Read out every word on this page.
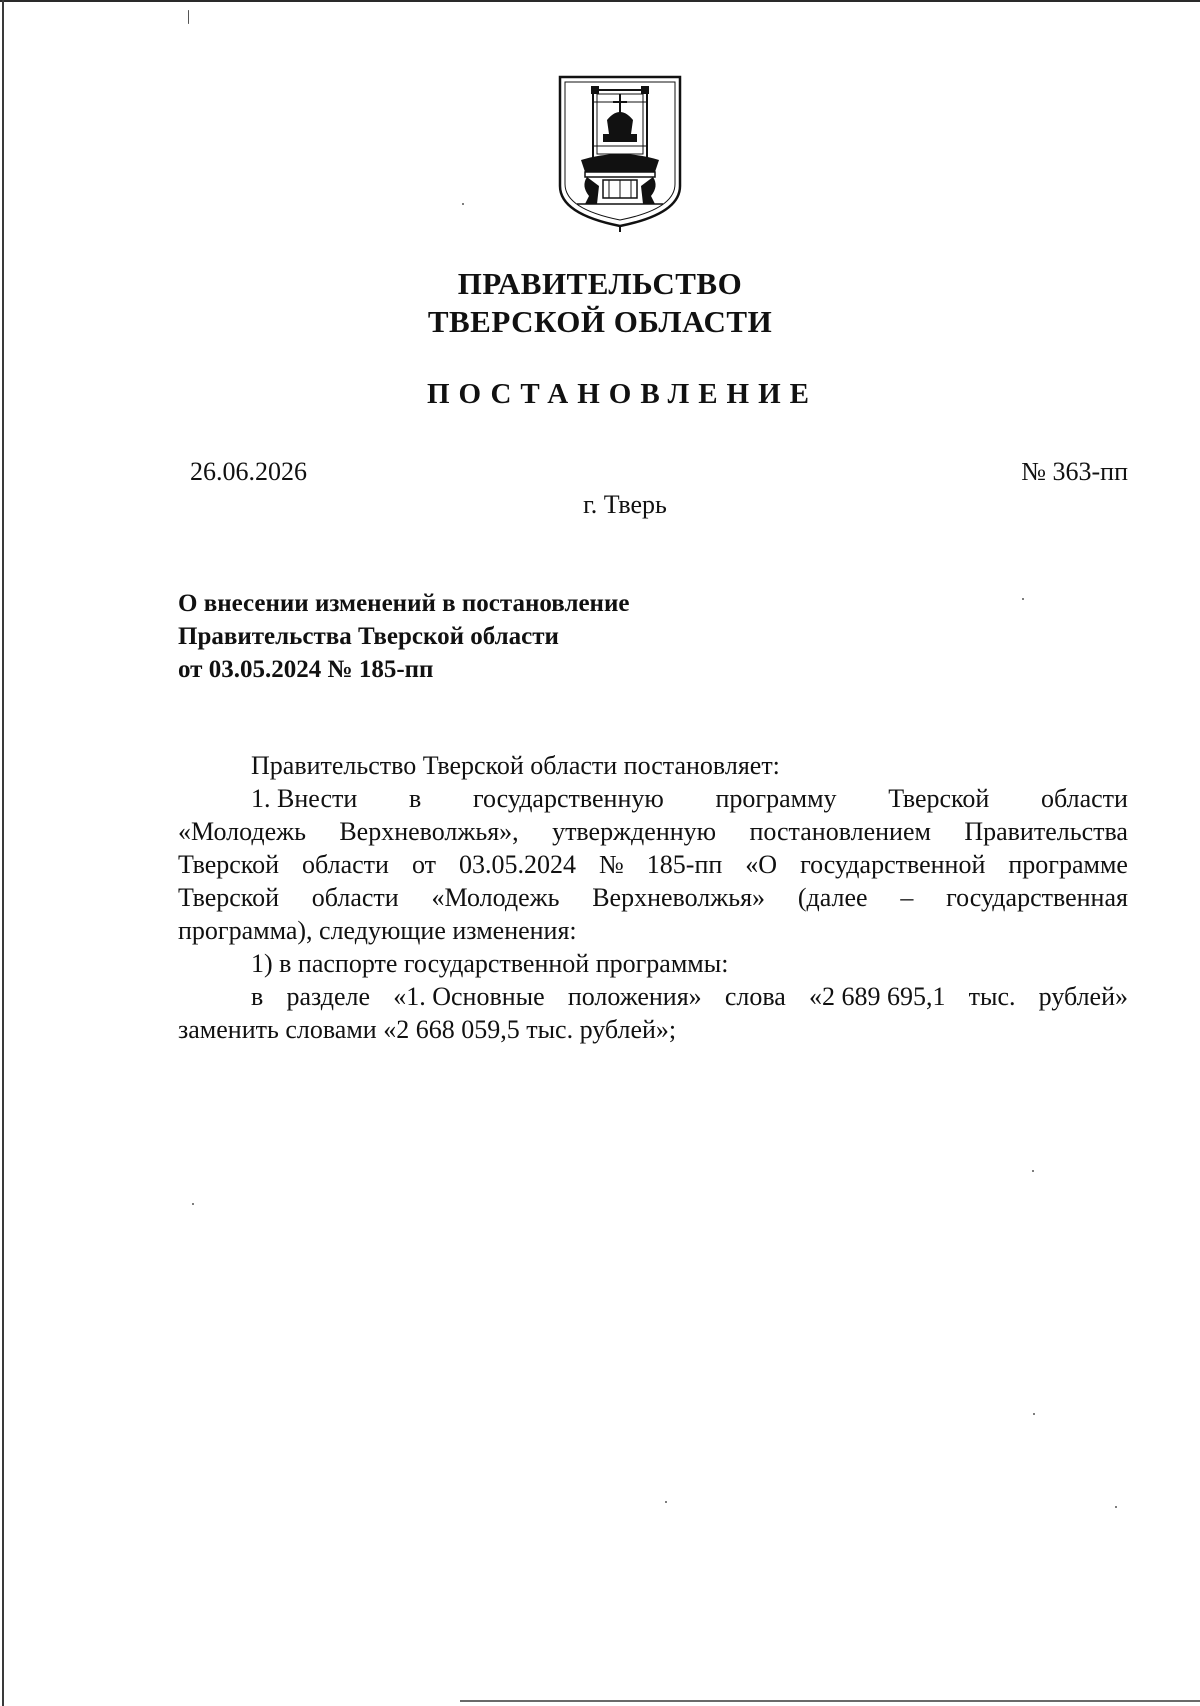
ПРАВИТЕЛЬСТВО
ТВЕРСКОЙ ОБЛАСТИ
ПОСТАНОВЛЕНИЕ
26.06.2026	№ 363-пп
г. Тверь
О внесении изменений в постановление
Правительства Тверской области
от 03.05.2024 № 185-пп
Правительство Тверской области постановляет:
1. Внести в государственную программу Тверской области
«Молодежь Верхневолжья», утвержденную постановлением Правительства
Тверской области от 03.05.2024 № 185-пп «О государственной программе
Тверской области «Молодежь Верхневолжья» (далее – государственная
программа), следующие изменения:
1) в паспорте государственной программы:
в разделе «1. Основные положения» слова «2 689 695,1 тыс. рублей»
заменить словами «2 668 059,5 тыс. рублей»;
